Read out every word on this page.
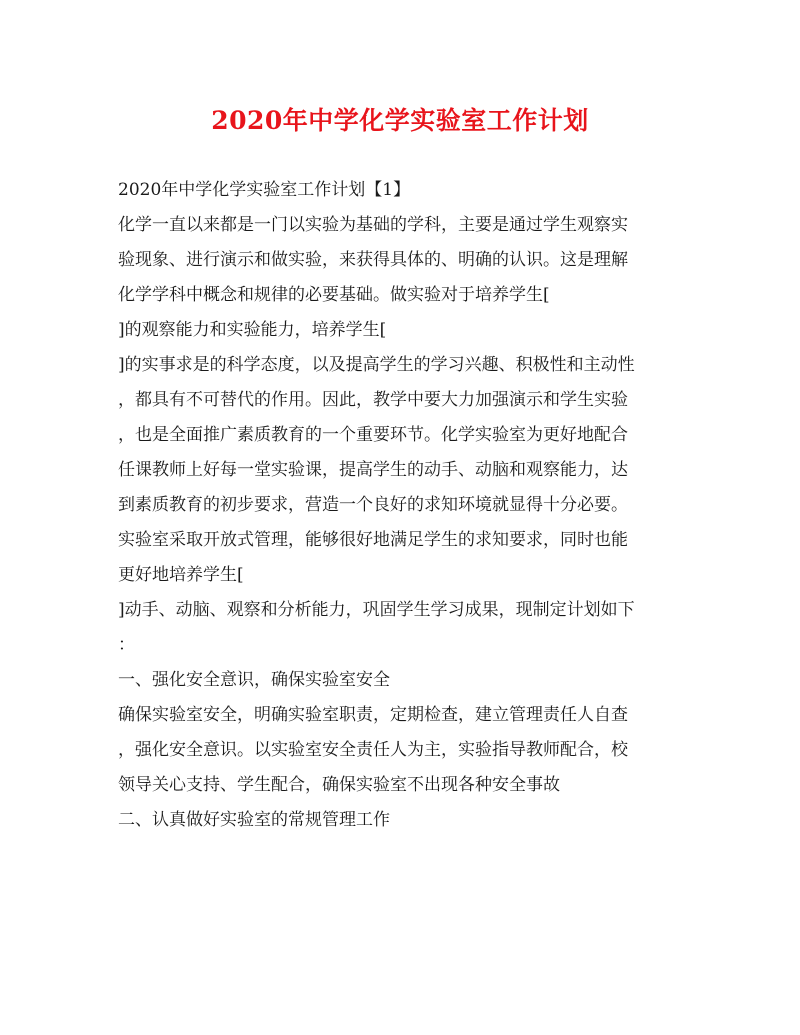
2020年中学化学实验室工作计划
2020年中学化学实验室工作计划【1】
化学一直以来都是一门以实验为基础的学科，主要是通过学生观察实
验现象、进行演示和做实验，来获得具体的、明确的认识。这是理解
化学学科中概念和规律的必要基础。做实验对于培养学生[
]的观察能力和实验能力，培养学生[
]的实事求是的科学态度，以及提高学生的学习兴趣、积极性和主动性
，都具有不可替代的作用。因此，教学中要大力加强演示和学生实验
，也是全面推广素质教育的一个重要环节。化学实验室为更好地配合
任课教师上好每一堂实验课，提高学生的动手、动脑和观察能力，达
到素质教育的初步要求，营造一个良好的求知环境就显得十分必要。
实验室采取开放式管理，能够很好地满足学生的求知要求，同时也能
更好地培养学生[
]动手、动脑、观察和分析能力，巩固学生学习成果，现制定计划如下
：
一、强化安全意识，确保实验室安全
确保实验室安全，明确实验室职责，定期检查，建立管理责任人自查
，强化安全意识。以实验室安全责任人为主，实验指导教师配合，校
领导关心支持、学生配合，确保实验室不出现各种安全事故
二、认真做好实验室的常规管理工作
